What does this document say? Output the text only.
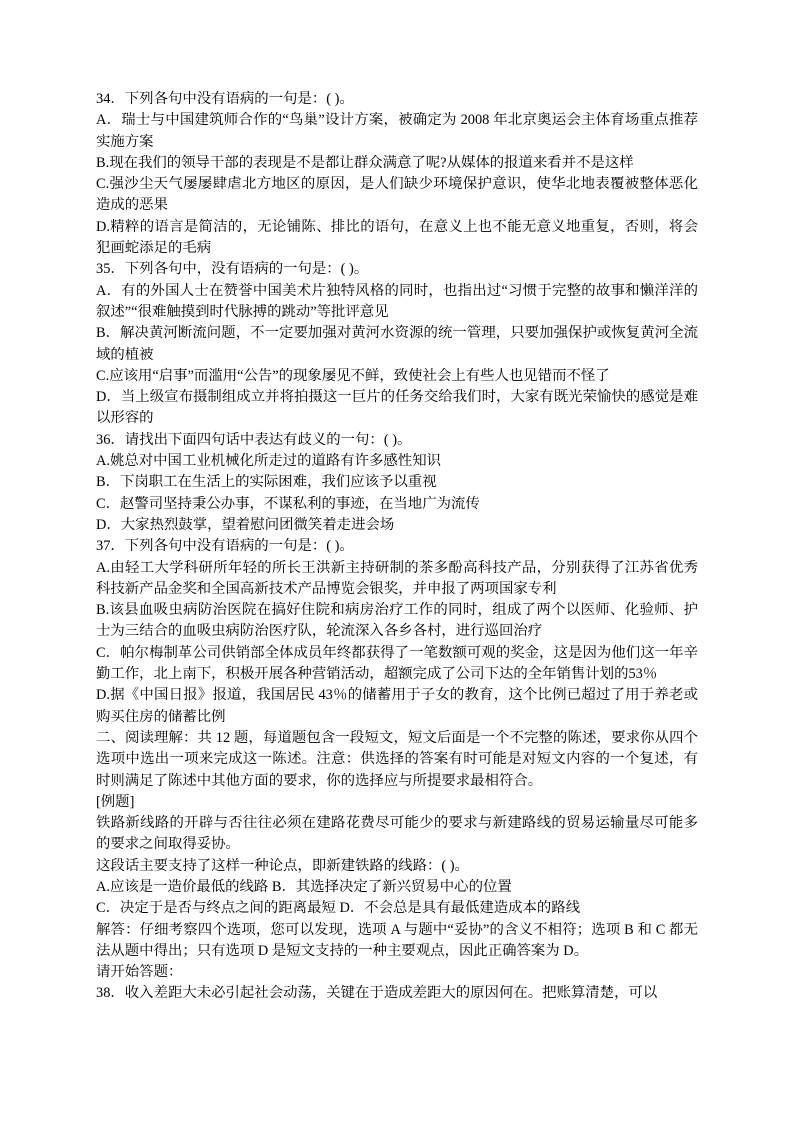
34．下列各句中没有语病的一句是：( )。

A．瑞士与中国建筑师合作的“鸟巢”设计方案，被确定为 2008 年北京奥运会主体育场重点推荐实施方案

B.现在我们的领导干部的表现是不是都让群众满意了呢?从媒体的报道来看并不是这样

C.强沙尘天气屡屡肆虐北方地区的原因，是人们缺少环境保护意识，使华北地表覆被整体恶化造成的恶果

D.精粹的语言是简洁的，无论铺陈、排比的语句，在意义上也不能无意义地重复，否则，将会犯画蛇添足的毛病

35．下列各句中，没有语病的一句是：( )。

A．有的外国人士在赞誉中国美术片独特风格的同时，也指出过“习惯于完整的故事和懒洋洋的叙述”“很难触摸到时代脉搏的跳动”等批评意见

B．解决黄河断流问题，不一定要加强对黄河水资源的统一管理，只要加强保护或恢复黄河全流域的植被

C.应该用“启事”而滥用“公告”的现象屡见不鲜，致使社会上有些人也见错而不怪了

D．当上级宣布摄制组成立并将拍摄这一巨片的任务交给我们时，大家有既光荣愉快的感觉是难以形容的

36．请找出下面四句话中表达有歧义的一句：( )。

A.姚总对中国工业机械化所走过的道路有许多感性知识

B．下岗职工在生活上的实际困难，我们应该予以重视

C．赵警司坚持秉公办事，不谋私利的事迹，在当地广为流传

D．大家热烈鼓掌，望着慰问团微笑着走进会场

37．下列各句中没有语病的一句是：( )。

A.由轻工大学科研所年轻的所长王洪新主持研制的茶多酚高科技产品，分别获得了江苏省优秀科技新产品金奖和全国高新技术产品博览会银奖，并申报了两项国家专利

B.该县血吸虫病防治医院在搞好住院和病房治疗工作的同时，组成了两个以医师、化验师、护士为三结合的血吸虫病防治医疗队，轮流深入各乡各村，进行巡回治疗

C．帕尔梅制革公司供销部全体成员年终都获得了一笔数额可观的奖金，这是因为他们这一年辛勤工作，北上南下，积极开展各种营销活动，超额完成了公司下达的全年销售计划的53％

D.据《中国日报》报道，我国居民 43％的储蓄用于子女的教育，这个比例已超过了用于养老或购买住房的储蓄比例

二、阅读理解：共 12 题，每道题包含一段短文，短文后面是一个不完整的陈述，要求你从四个选项中选出一项来完成这一陈述。注意：供选择的答案有时可能是对短文内容的一个复述，有时则满足了陈述中其他方面的要求，你的选择应与所提要求最相符合。

[例题]

铁路新线路的开辟与否往往必须在建路花费尽可能少的要求与新建路线的贸易运输量尽可能多的要求之间取得妥协。

这段话主要支持了这样一种论点，即新建铁路的线路：( )。

A.应该是一造价最低的线路 B．其选择决定了新兴贸易中心的位置

C．决定于是否与终点之间的距离最短 D．不会总是具有最低建造成本的路线

解答：仔细考察四个选项，您可以发现，选项 A 与题中“妥协”的含义不相符；选项 B 和 C 都无法从题中得出；只有选项 D 是短文支持的一种主要观点，因此正确答案为 D。

请开始答题：

38．收入差距大未必引起社会动荡，关键在于造成差距大的原因何在。把账算清楚，可以
